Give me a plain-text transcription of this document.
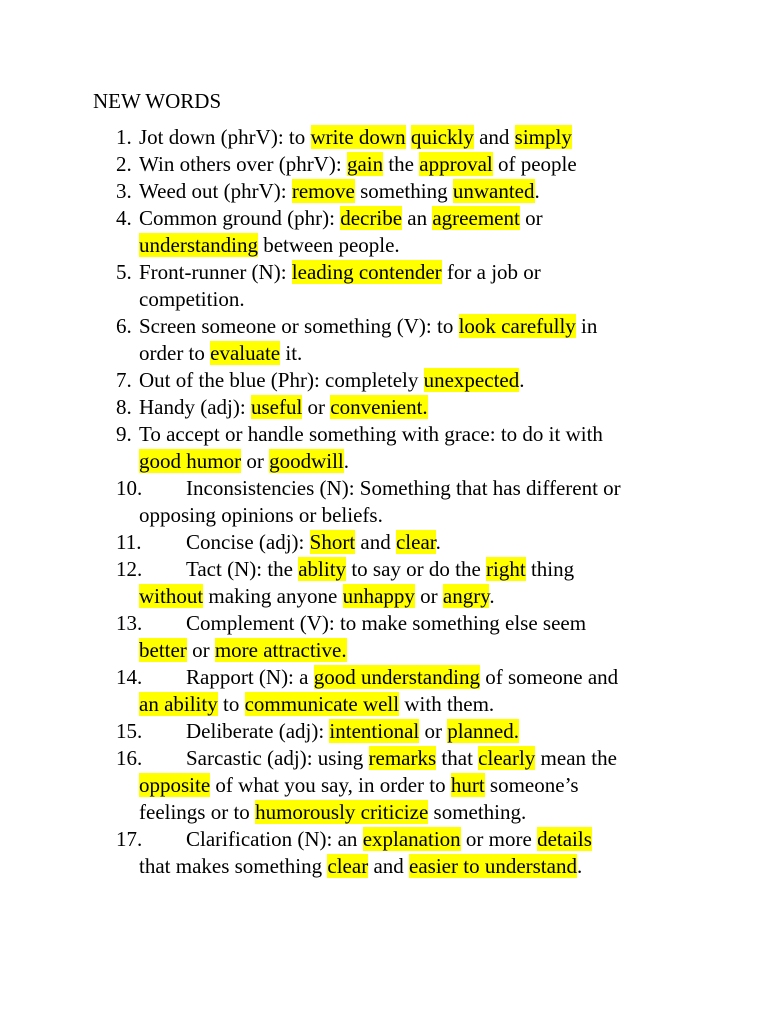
NEW WORDS
1. Jot down (phrV): to write down quickly and simply
2. Win others over (phrV): gain the approval of people
3. Weed out (phrV): remove something unwanted.
4. Common ground (phr): decribe an agreement or
understanding between people.
5. Front-runner (N): leading contender for a job or
competition.
6. Screen someone or something (V): to look carefully in
order to evaluate it.
7. Out of the blue (Phr): completely unexpected.
8. Handy (adj): useful or convenient.
9. To accept or handle something with grace: to do it with
good humor or goodwill.
10.	Inconsistencies (N): Something that has different or
opposing opinions or beliefs.
11.	Concise (adj): Short and clear.
12.	Tact (N): the ablity to say or do the right thing
without making anyone unhappy or angry.
13.	Complement (V): to make something else seem
better or more attractive.
14.	Rapport (N): a good understanding of someone and
an ability to communicate well with them.
15.	Deliberate (adj): intentional or planned.
16.	Sarcastic (adj): using remarks that clearly mean the
opposite of what you say, in order to hurt someone’s
feelings or to humorously criticize something.
17.	Clarification (N): an explanation or more details
that makes something clear and easier to understand.
